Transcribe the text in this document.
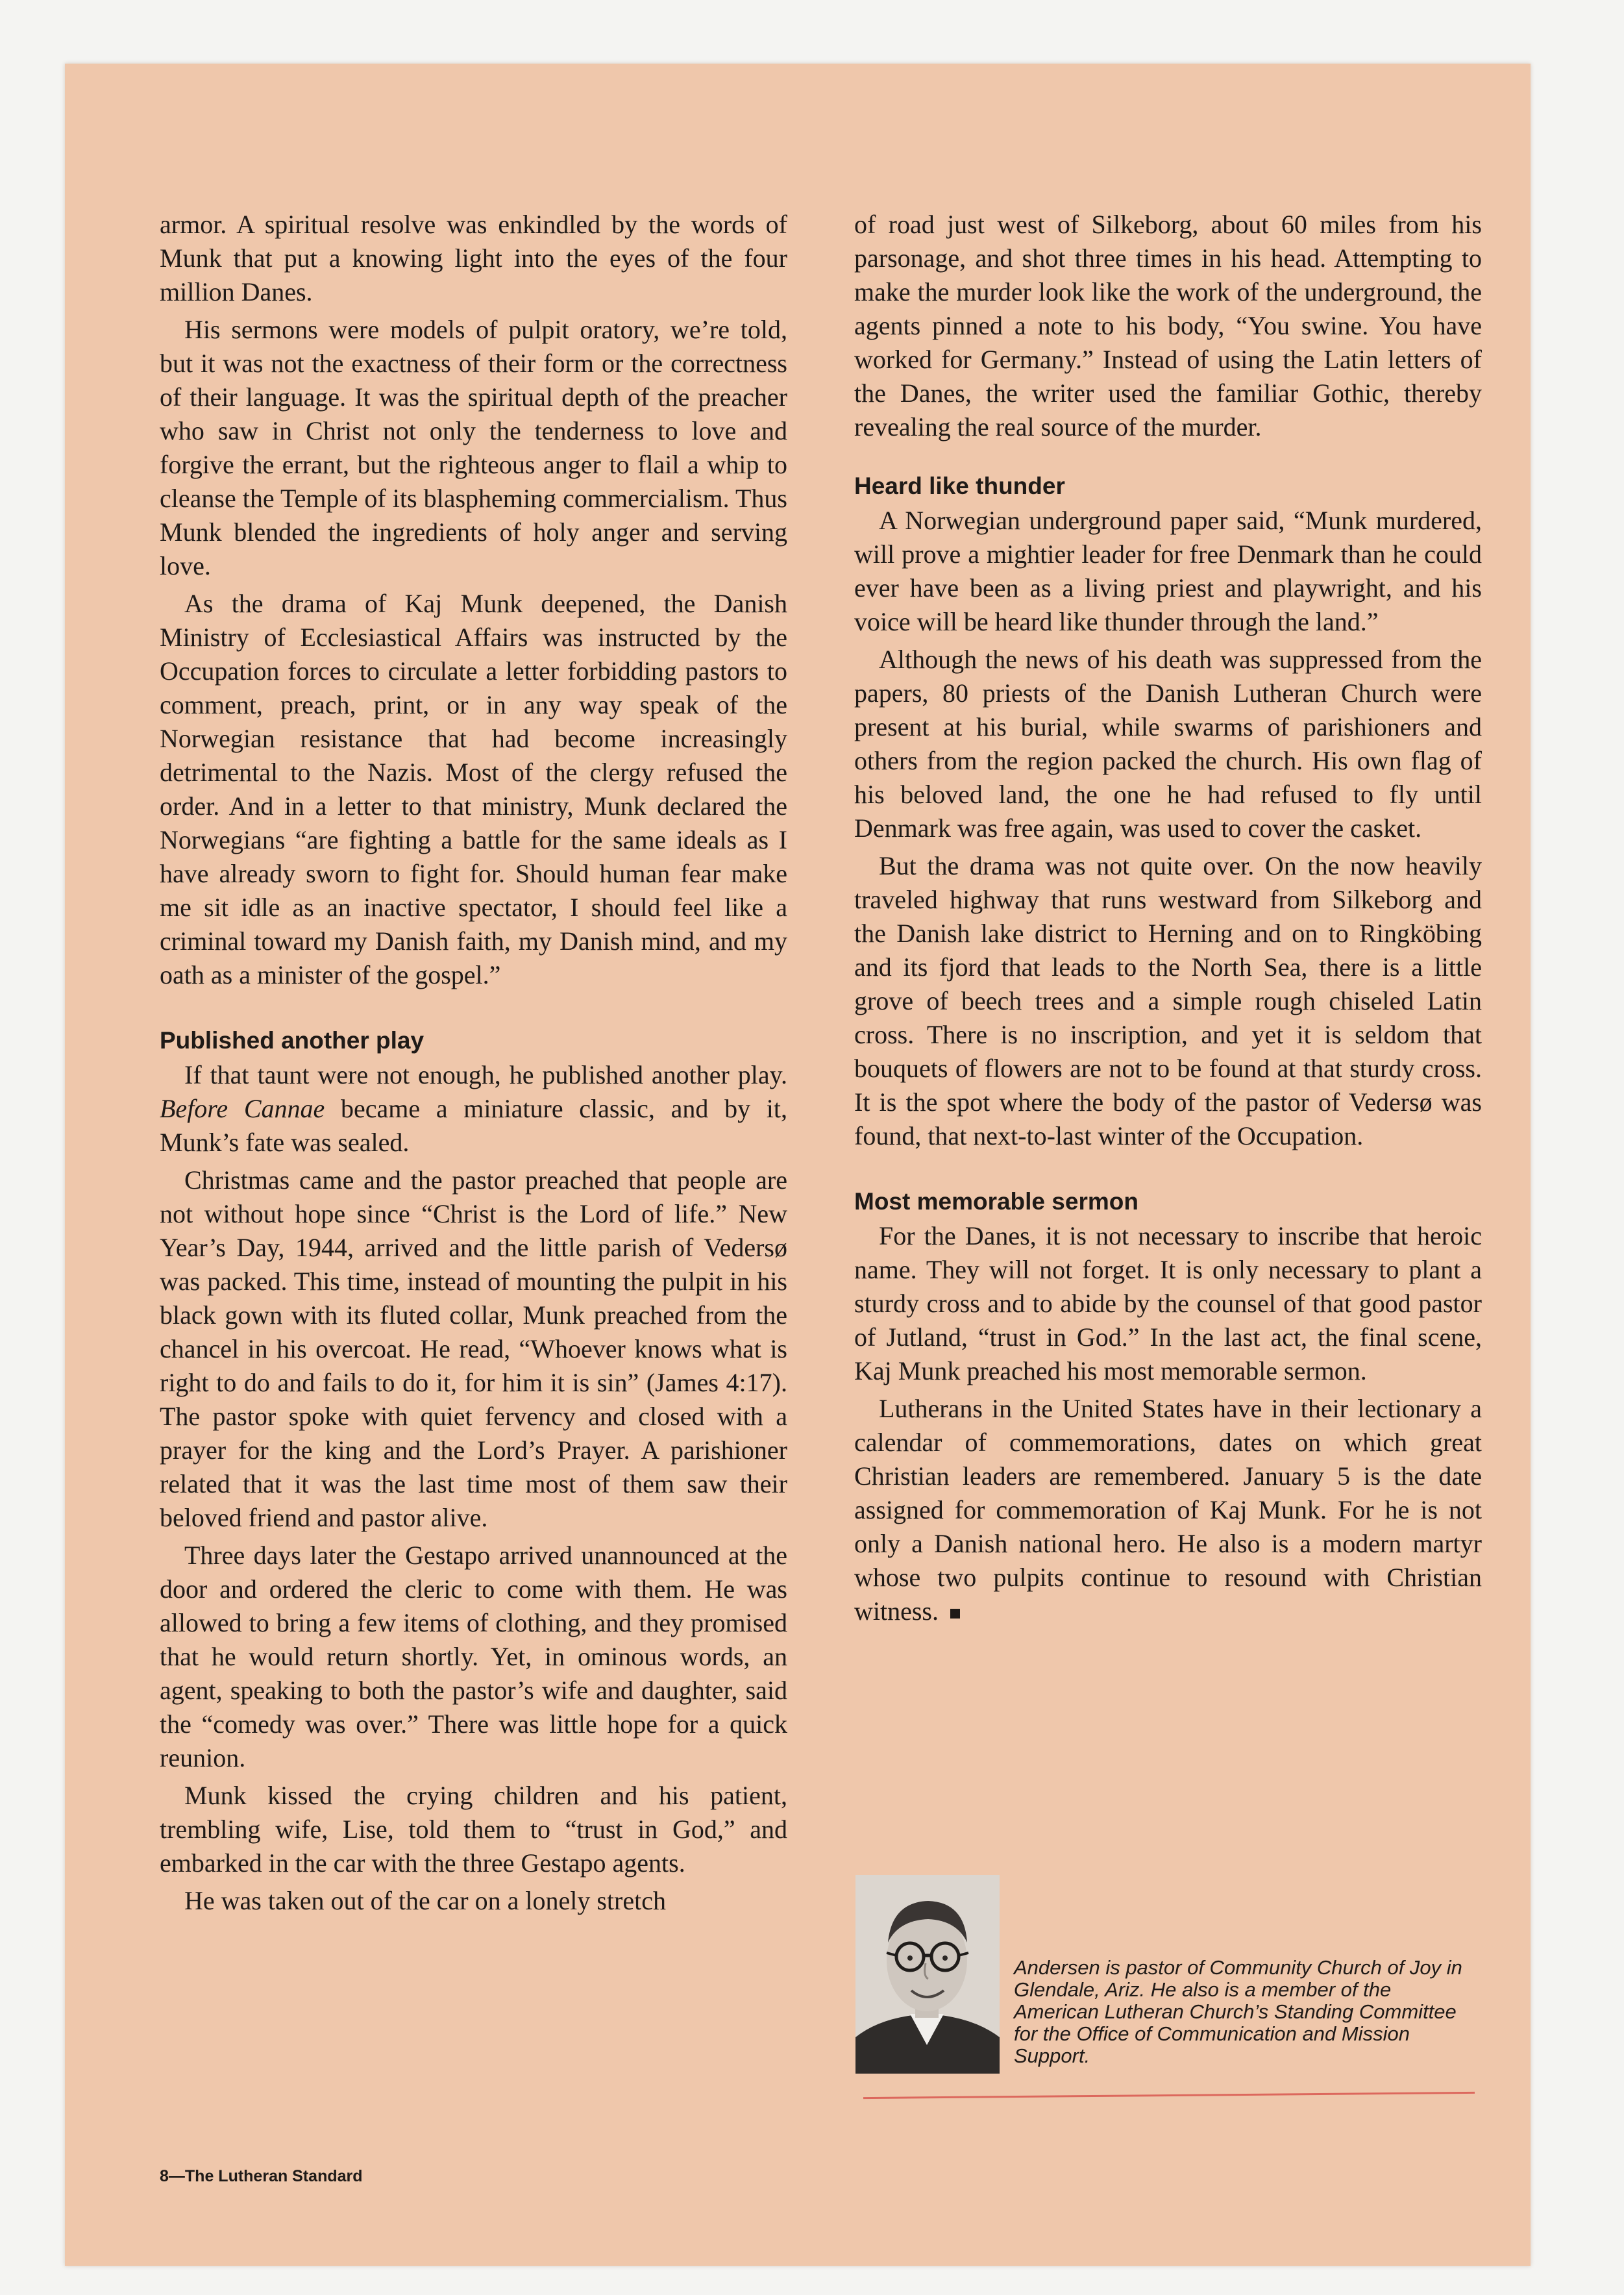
armor. A spiritual resolve was enkindled by the words of Munk that put a knowing light into the eyes of the four million Danes.

His sermons were models of pulpit oratory, we’re told, but it was not the exactness of their form or the correctness of their language. It was the spiritual depth of the preacher who saw in Christ not only the tenderness to love and forgive the errant, but the righteous anger to flail a whip to cleanse the Temple of its blaspheming commercialism. Thus Munk blended the ingredients of holy anger and serving love.

As the drama of Kaj Munk deepened, the Danish Ministry of Ecclesiastical Affairs was instructed by the Occupation forces to circulate a letter forbidding pastors to comment, preach, print, or in any way speak of the Norwegian resistance that had become increasingly detrimental to the Nazis. Most of the clergy refused the order. And in a letter to that ministry, Munk declared the Norwegians “are fighting a battle for the same ideals as I have already sworn to fight for. Should human fear make me sit idle as an inactive spectator, I should feel like a criminal toward my Danish faith, my Danish mind, and my oath as a minister of the gospel.”

Published another play

If that taunt were not enough, he published another play. Before Cannae became a miniature classic, and by it, Munk’s fate was sealed.

Christmas came and the pastor preached that people are not without hope since “Christ is the Lord of life.” New Year’s Day, 1944, arrived and the little parish of Vedersø was packed. This time, instead of mounting the pulpit in his black gown with its fluted collar, Munk preached from the chancel in his overcoat. He read, “Whoever knows what is right to do and fails to do it, for him it is sin” (James 4:17). The pastor spoke with quiet fervency and closed with a prayer for the king and the Lord’s Prayer. A parishioner related that it was the last time most of them saw their beloved friend and pastor alive.

Three days later the Gestapo arrived unannounced at the door and ordered the cleric to come with them. He was allowed to bring a few items of clothing, and they promised that he would return shortly. Yet, in ominous words, an agent, speaking to both the pastor’s wife and daughter, said the “comedy was over.” There was little hope for a quick reunion.

Munk kissed the crying children and his patient, trembling wife, Lise, told them to “trust in God,” and embarked in the car with the three Gestapo agents.

He was taken out of the car on a lonely stretch

of road just west of Silkeborg, about 60 miles from his parsonage, and shot three times in his head. Attempting to make the murder look like the work of the underground, the agents pinned a note to his body, “You swine. You have worked for Germany.” Instead of using the Latin letters of the Danes, the writer used the familiar Gothic, thereby revealing the real source of the murder.

Heard like thunder

A Norwegian underground paper said, “Munk murdered, will prove a mightier leader for free Denmark than he could ever have been as a living priest and playwright, and his voice will be heard like thunder through the land.”

Although the news of his death was suppressed from the papers, 80 priests of the Danish Lutheran Church were present at his burial, while swarms of parishioners and others from the region packed the church. His own flag of his beloved land, the one he had refused to fly until Denmark was free again, was used to cover the casket.

But the drama was not quite over. On the now heavily traveled highway that runs westward from Silkeborg and the Danish lake district to Herning and on to Ringköbing and its fjord that leads to the North Sea, there is a little grove of beech trees and a simple rough chiseled Latin cross. There is no inscription, and yet it is seldom that bouquets of flowers are not to be found at that sturdy cross. It is the spot where the body of the pastor of Vedersø was found, that next-to-last winter of the Occupation.

Most memorable sermon

For the Danes, it is not necessary to inscribe that heroic name. They will not forget. It is only necessary to plant a sturdy cross and to abide by the counsel of that good pastor of Jutland, “trust in God.” In the last act, the final scene, Kaj Munk preached his most memorable sermon.

Lutherans in the United States have in their lectionary a calendar of commemorations, dates on which great Christian leaders are remembered. January 5 is the date assigned for commemoration of Kaj Munk. For he is not only a Danish national hero. He also is a modern martyr whose two pulpits continue to resound with Christian witness.

Andersen is pastor of Community Church of Joy in Glendale, Ariz. He also is a member of the American Lutheran Church’s Standing Committee for the Office of Communication and Mission Support.
8—The Lutheran Standard
